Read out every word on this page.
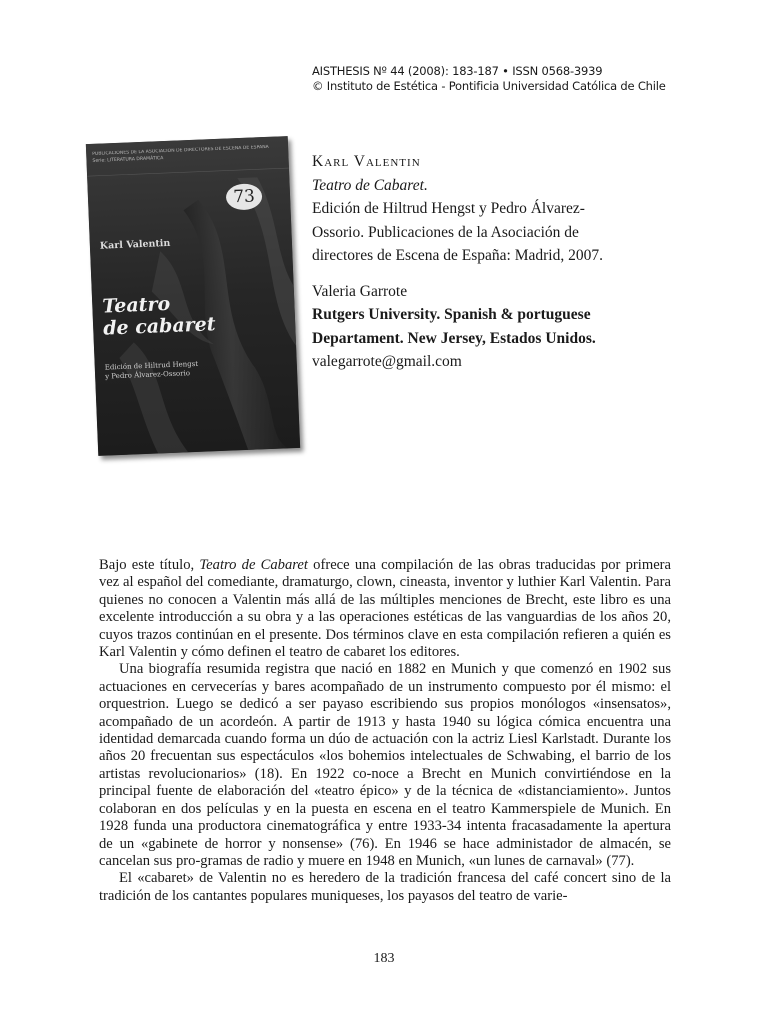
AISTHESIS Nº 44 (2008): 183-187 • ISSN 0568-3939
© Instituto de Estética - Pontificia Universidad Católica de Chile
PUBLICACIONES DE LA ASOCIACIÓN DE DIRECTORES DE ESCENA DE ESPAÑA
Serie: LITERATURA DRAMÁTICA
73
Karl Valentin
Teatro
de cabaret
Edición de Hiltrud Hengst
y Pedro Álvarez-Ossorio
Karl Valentin
Teatro de Cabaret.
Edición de Hiltrud Hengst y Pedro Álvarez-
Ossorio. Publicaciones de la Asociación de
directores de Escena de España: Madrid, 2007.
Valeria Garrote
Rutgers University. Spanish & portuguese
Departament. New Jersey, Estados Unidos.
valegarrote@gmail.com

Bajo este título, Teatro de Cabaret ofrece una compilación de las obras traducidas por primera vez al español del comediante, dramaturgo, clown, cineasta, inventor y luthier Karl Valentin. Para quienes no conocen a Valentin más allá de las múltiples menciones de Brecht, este libro es una excelente introducción a su obra y a las operaciones estéticas de las vanguardias de los años 20, cuyos trazos continúan en el presente. Dos términos clave en esta compilación refieren a quién es Karl Valentin y cómo definen el teatro de cabaret los editores.

Una biografía resumida registra que nació en 1882 en Munich y que comenzó en 1902 sus actuaciones en cervecerías y bares acompañado de un instrumento compuesto por él mismo: el orquestrion. Luego se dedicó a ser payaso escribiendo sus propios monólogos «insensatos», acompañado de un acordeón. A partir de 1913 y hasta 1940 su lógica cómica encuentra una identidad demarcada cuando forma un dúo de actuación con la actriz Liesl Karlstadt. Durante los años 20 frecuentan sus espectáculos «los bohemios intelectuales de Schwabing, el barrio de los artistas revolucionarios» (18). En 1922 co-noce a Brecht en Munich convirtiéndose en la principal fuente de elaboración del «teatro épico» y de la técnica de «distanciamiento». Juntos colaboran en dos películas y en la puesta en escena en el teatro Kammerspiele de Munich. En 1928 funda una productora cinematográfica y entre 1933-34 intenta fracasadamente la apertura de un «gabinete de horror y nonsense» (76). En 1946 se hace administador de almacén, se cancelan sus pro-gramas de radio y muere en 1948 en Munich, «un lunes de carnaval» (77).

El «cabaret» de Valentin no es heredero de la tradición francesa del café concert sino de la tradición de los cantantes populares muniqueses, los payasos del teatro de varie-

183
